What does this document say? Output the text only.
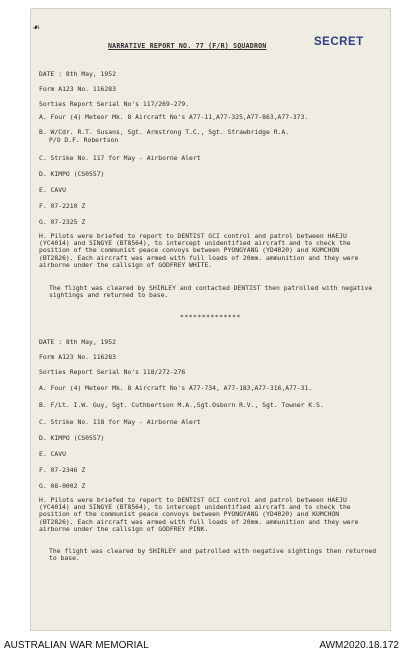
☙
NARRATIVE REPORT NO. 77 (F/R) SQUADRON	SECRET
DATE : 8th May, 1952
Form A123 No. 116283
Sorties Report Serial No's 117/269-279.
A. Four (4) Meteor Mk. 8 Aircraft No's A77-11,A77-325,A77-863,A77-373.
B. W/Cdr. R.T. Susans, Sgt. Armstrong T.C., Sgt. Strawbridge R.A.
P/O D.F. Robertson
C. Strike No. 117 for May - Airborne Alert
D. KIMPO (CS0557)
E. CAVU
F. 07-2210 Z
G. 07-2325 Z
H. Pilots were briefed to report to DENTIST GCI control and patrol between HAEJU (YC4014) and SINGYE (BT8564), to intercept unidentified aircraft and to check the position of the communist peace convoys between PYONGYANG (YD4020) and KUMCHON (BT2826). Each aircraft was armed with full loads of 20mm. ammunition and they were airborne under the callsign of GODFREY WHITE.
The flight was cleared by SHIRLEY and contacted DENTIST then patrolled with negative sightings and returned to base.
**************
DATE : 8th May, 1952
Form A123 No. 116283
Sorties Report Serial No's 118/272-276
A. Four (4) Meteor Mk. 8 Aircraft No's A77-734, A77-183,A77-316,A77-31.
B. F/Lt. I.W. Guy, Sgt. Cuthbertson M.A.,Sgt.Osborn R.V., Sgt. Towner K.S.
C. Strike No. 118 for May - Airborne Alert
D. KIMPO (CS0557)
E. CAVU
F. 07-2346 Z
G. 08-0002 Z
H. Pilots were briefed to report to DENTIST GCI control and patrol between HAEJU (YC4014) and SINGYE (BT8564), to intercept unidentified aircraft and to check the position of the communist peace convoys between PYONGYANG (YD4020) and KUMCHON (BT2826). Each aircraft was armed with full loads of 20mm. ammunition and they were airborne under the callsign of GODFREY PINK.
The flight was cleared by SHIRLEY and patrolled with negative sightings then returned to base.
AUSTRALIAN WAR MEMORIAL	AWM2020.18.172
